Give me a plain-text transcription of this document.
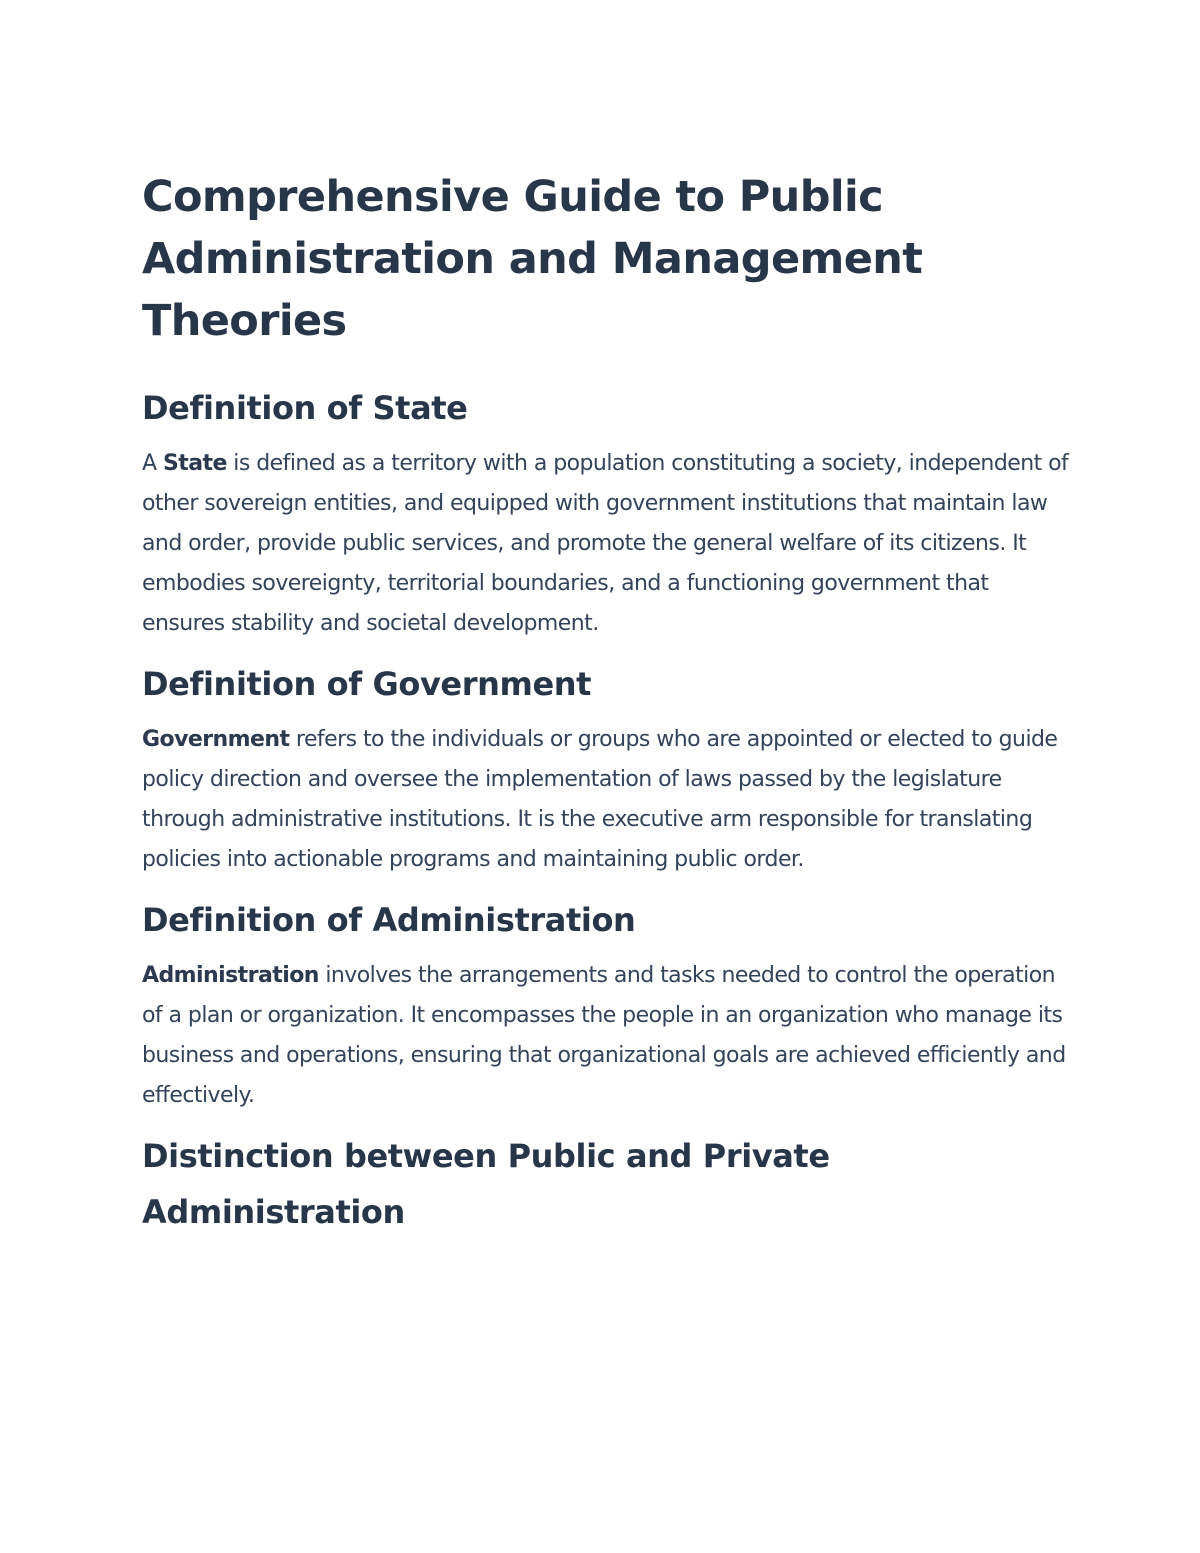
Comprehensive Guide to Public Administration and Management Theories
Definition of State

A State is defined as a territory with a population constituting a society, independent of other sovereign entities, and equipped with government institutions that maintain law and order, provide public services, and promote the general welfare of its citizens. It embodies sovereignty, territorial boundaries, and a functioning government that ensures stability and societal development.

Definition of Government

Government refers to the individuals or groups who are appointed or elected to guide policy direction and oversee the implementation of laws passed by the legislature through administrative institutions. It is the executive arm responsible for translating policies into actionable programs and maintaining public order.

Definition of Administration

Administration involves the arrangements and tasks needed to control the operation of a plan or organization. It encompasses the people in an organization who manage its business and operations, ensuring that organizational goals are achieved efficiently and effectively.

Distinction between Public and Private Administration
